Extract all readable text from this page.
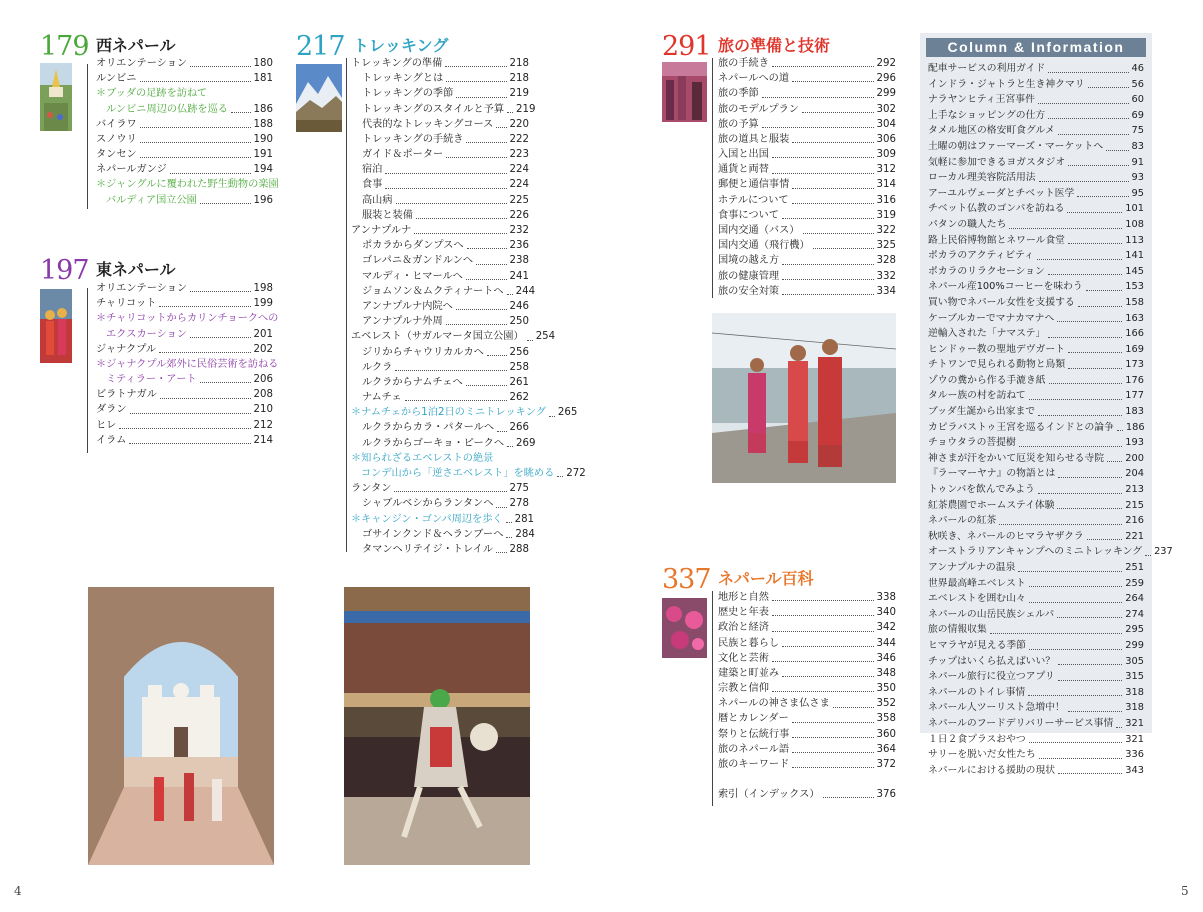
179 西ネパール
オリエンテーション	180
ルンビニ	181
＊ブッダの足跡を訪ねて
ルンビニ周辺の仏跡を巡る	186
バイラワ	188
スノウリ	190
タンセン	191
ネパールガンジ	194
＊ジャングルに覆われた野生動物の楽園
バルディア国立公園	196
197 東ネパール
オリエンテーション	198
チャリコット	199
＊チャリコットからカリンチョークへの
エクスカーション	201
ジャナクプル	202
＊ジャナクプル郊外に民俗芸術を訪ねる
ミティラー・アート	206
ビラトナガル	208
ダラン	210
ヒレ	212
イラム	214
217 トレッキング
トレッキングの準備	218
トレッキングとは	218
トレッキングの季節	219
トレッキングのスタイルと予算 219
代表的なトレッキングコース 220
トレッキングの手続き	222
ガイド＆ポーター	223
宿泊	224
食事	224
高山病	225
服装と装備	226
アンナプルナ	232
ポカラからダンプスへ	236
ゴレパニ＆ガンドルンへ	238
マルディ・ヒマールへ	241
ジョムソン＆ムクティナートへ 244
アンナプルナ内院へ	246
アンナプルナ外周	250
エベレスト（サガルマータ国立公園） 254
ジリからチャウリカルカへ	256
ルクラ	258
ルクラからナムチェへ	261
ナムチェ	262
＊ナムチェから1泊2日のミニトレッキング 265
ルクラからカラ・パタールへ 266
ルクラからゴーキョ・ピークへ 269
＊知られざるエベレストの絶景
コンデ山から「逆さエベレスト」を眺める 272
ランタン	275
シャブルベシからランタンへ 278
＊キャンジン・ゴンパ周辺を歩く 281
ゴサインクンド＆ヘランブーへ 284
タマンヘリテイジ・トレイル 288
291 旅の準備と技術
旅の手続き	292
ネパールへの道	296
旅の季節	299
旅のモデルプラン	302
旅の予算	304
旅の道具と服装	306
入国と出国	309
通貨と両替	312
郵便と通信事情	314
ホテルについて	316
食事について	319
国内交通（バス）	322
国内交通（飛行機）	325
国境の越え方	328
旅の健康管理	332
旅の安全対策	334
337 ネパール百科
地形と自然	338
歴史と年表	340
政治と経済	342
民族と暮らし	344
文化と芸術	346
建築と町並み	348
宗教と信仰	350
ネパールの神さま仏さま	352
暦とカレンダー	358
祭りと伝統行事	360
旅のネパール語	364
旅のキーワード	372
索引（インデックス）	376
Column & Information
配車サービスの利用ガイド	46
インドラ・ジャトラと生き神クマリ	56
ナラヤンヒティ王宮事件	60
上手なショッピングの仕方	69
タメル地区の格安町食グルメ	75
土曜の朝はファーマーズ・マーケットへ	83
気軽に参加できるヨガスタジオ	91
ローカル理美容院活用法	93
アーユルヴェーダとチベット医学	95
チベット仏教のゴンパを訪ねる	101
パタンの職人たち	108
路上民俗博物館とネワール食堂	113
ポカラのアクティビティ	141
ポカラのリラクセーション	145
ネパール産100%コーヒーを味わう	153
買い物でネパール女性を支援する	158
ケーブルカーでマナカマナへ	163
逆輸入された「ナマステ」	166
ヒンドゥー教の聖地デヴガート	169
チトワンで見られる動物と鳥類	173
ゾウの糞から作る手漉き紙	176
タルー族の村を訪ねて	177
ブッダ生誕から出家まで	183
カピラバストゥ王宮を巡るインドとの論争 186
チョウタラの菩提樹	193
神さまが汗をかいて厄災を知らせる寺院 200
『ラーマーヤナ』の物語とは	204
トゥンバを飲んでみよう	213
紅茶農園でホームステイ体験	215
ネパールの紅茶	216
秋咲き、ネパールのヒマラヤザクラ	221
オーストラリアンキャンプへのミニトレッキング 237
アンナプルナの温泉	251
世界最高峰エベレスト	259
エベレストを囲む山々	264
ネパールの山岳民族シェルパ	274
旅の情報収集	295
ヒマラヤが見える季節	299
チップはいくら払えばいい？	305
ネパール旅行に役立つアプリ	315
ネパールのトイレ事情	318
ネパール人ツーリスト急増中！	318
ネパールのフードデリバリーサービス事情 321
１日２食プラスおやつ	321
サリーを脱いだ女性たち	336
ネパールにおける援助の現状	343
4	5
